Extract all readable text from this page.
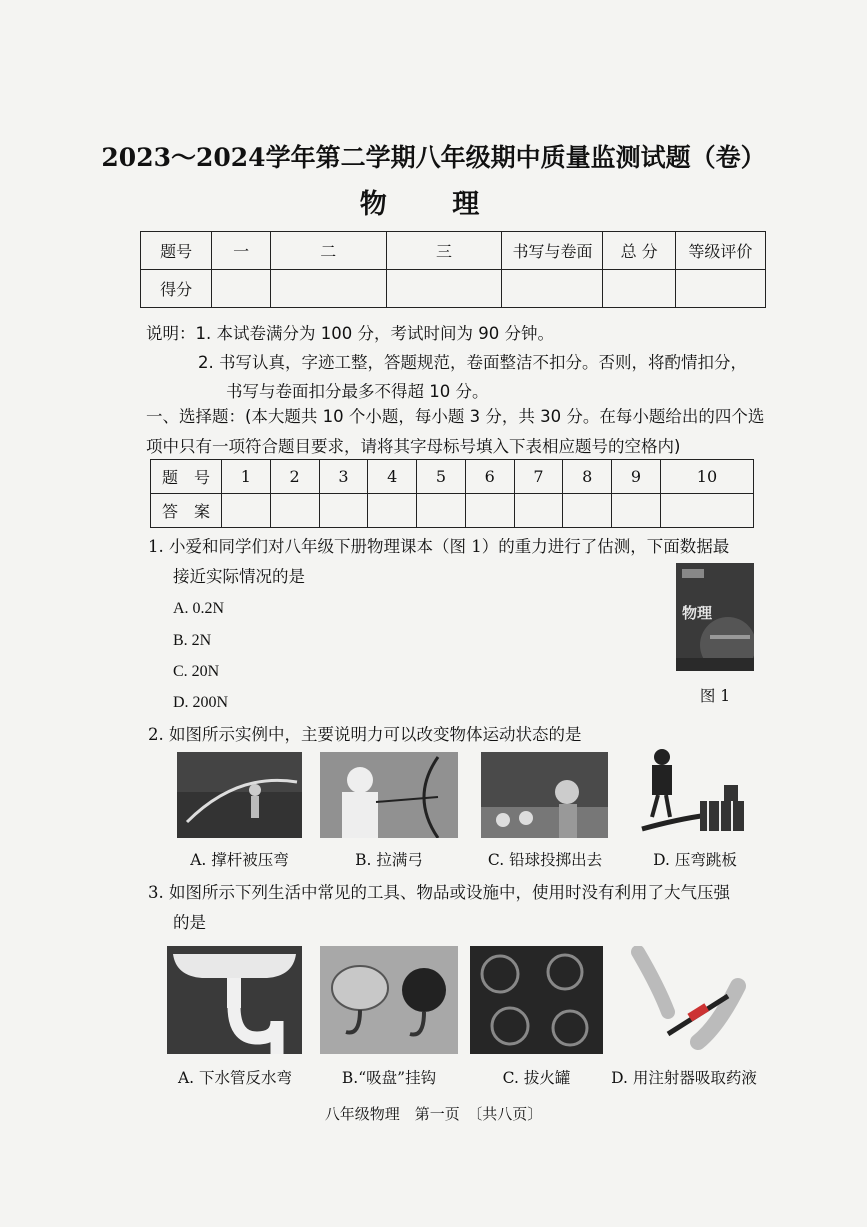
2023～2024学年第二学期八年级期中质量监测试题（卷）
物 理
题号	一	二	三	书写与卷面	总 分	等级评价
得分						
说明：1. 本试卷满分为 100 分，考试时间为 90 分钟。
2. 书写认真，字迹工整，答题规范，卷面整洁不扣分。否则，将酌情扣分，
书写与卷面扣分最多不得超 10 分。
一、选择题：(本大题共 10 个小题，每小题 3 分，共 30 分。在每小题给出的四个选
项中只有一项符合题目要求，请将其字母标号填入下表相应题号的空格内)
题　号	1	2	3	4	5	6	7	8	9	10
答　案										
1. 小爱和同学们对八年级下册物理课本（图 1）的重力进行了估测，下面数据最
接近实际情况的是
A. 0.2N
B. 2N
C. 20N
D. 200N
物理
图 1
2. 如图所示实例中，主要说明力可以改变物体运动状态的是
A. 撑杆被压弯	B. 拉满弓	C. 铅球投掷出去	D. 压弯跳板
3. 如图所示下列生活中常见的工具、物品或设施中，使用时没有利用了大气压强
的是
A. 下水管反水弯	B.“吸盘”挂钩	C. 拔火罐	D. 用注射器吸取药液
八年级物理　第一页　〔共八页〕
